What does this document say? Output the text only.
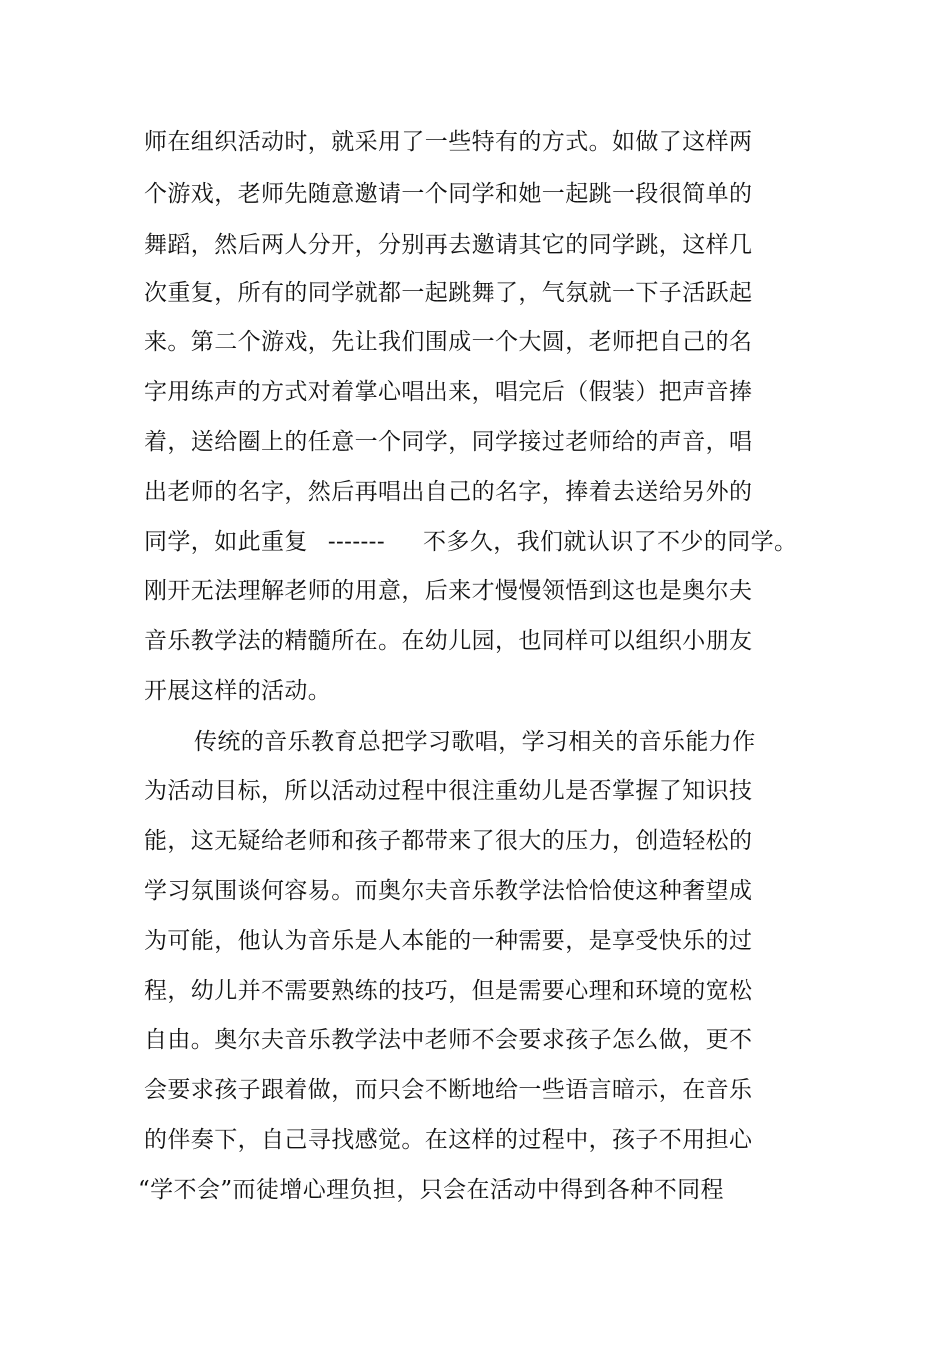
师在组织活动时，就采用了一些特有的方式。如做了这样两
个游戏，老师先随意邀请一个同学和她一起跳一段很简单的
舞蹈，然后两人分开，分别再去邀请其它的同学跳，这样几
次重复，所有的同学就都一起跳舞了，气氛就一下子活跃起
来。第二个游戏，先让我们围成一个大圆，老师把自己的名
字用练声的方式对着掌心唱出来，唱完后（假装）把声音捧
着，送给圈上的任意一个同学，同学接过老师给的声音，唱
出老师的名字，然后再唱出自己的名字，捧着去送给另外的
同学，如此重复 ------- 不多久，我们就认识了不少的同学。
刚开无法理解老师的用意，后来才慢慢领悟到这也是奥尔夫
音乐教学法的精髓所在。在幼儿园，也同样可以组织小朋友
开展这样的活动。
传统的音乐教育总把学习歌唱，学习相关的音乐能力作
为活动目标，所以活动过程中很注重幼儿是否掌握了知识技
能，这无疑给老师和孩子都带来了很大的压力，创造轻松的
学习氛围谈何容易。而奥尔夫音乐教学法恰恰使这种奢望成
为可能，他认为音乐是人本能的一种需要，是享受快乐的过
程，幼儿并不需要熟练的技巧，但是需要心理和环境的宽松
自由。奥尔夫音乐教学法中老师不会要求孩子怎么做，更不
会要求孩子跟着做，而只会不断地给一些语言暗示，在音乐
的伴奏下，自己寻找感觉。在这样的过程中，孩子不用担心
“学不会”而徒增心理负担，只会在活动中得到各种不同程
